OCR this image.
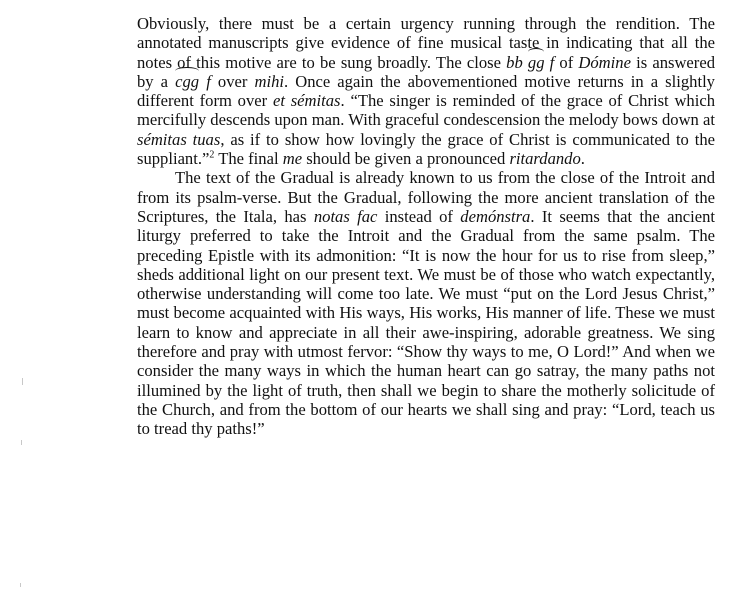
Obviously, there must be a certain urgency running through the rendition. The annotated manuscripts give evidence of fine musical taste in indicating that all the notes of this motive are to be sung broadly. The close bb gg f of Dómine is answered by a cgg f over mihi. Once again the abovementioned motive returns in a slightly different form over et sémitas. “The singer is reminded of the grace of Christ which mercifully descends upon man. With graceful condescension the melody bows down at sémitas tuas, as if to show how lovingly the grace of Christ is communicated to the suppliant.”$^2$ The final me should be given a pronounced ritardando.

The text of the Gradual is already known to us from the close of the Introit and from its psalm-verse. But the Gradual, following the more ancient translation of the Scriptures, the Itala, has notas fac instead of demónstra. It seems that the ancient liturgy preferred to take the Introit and the Gradual from the same psalm. The preceding Epistle with its admonition: “It is now the hour for us to rise from sleep,” sheds additional light on our present text. We must be of those who watch expectantly, otherwise understanding will come too late. We must “put on the Lord Jesus Christ,” must become acquainted with His ways, His works, His manner of life. These we must learn to know and appreciate in all their awe-inspiring, adorable greatness. We sing therefore and pray with utmost fervor: “Show thy ways to me, O Lord!” And when we consider the many ways in which the human heart can go satray, the many paths not illumined by the light of truth, then shall we begin to share the motherly solicitude of the Church, and from the bottom of our hearts we shall sing and pray: “Lord, teach us to tread thy paths!”
